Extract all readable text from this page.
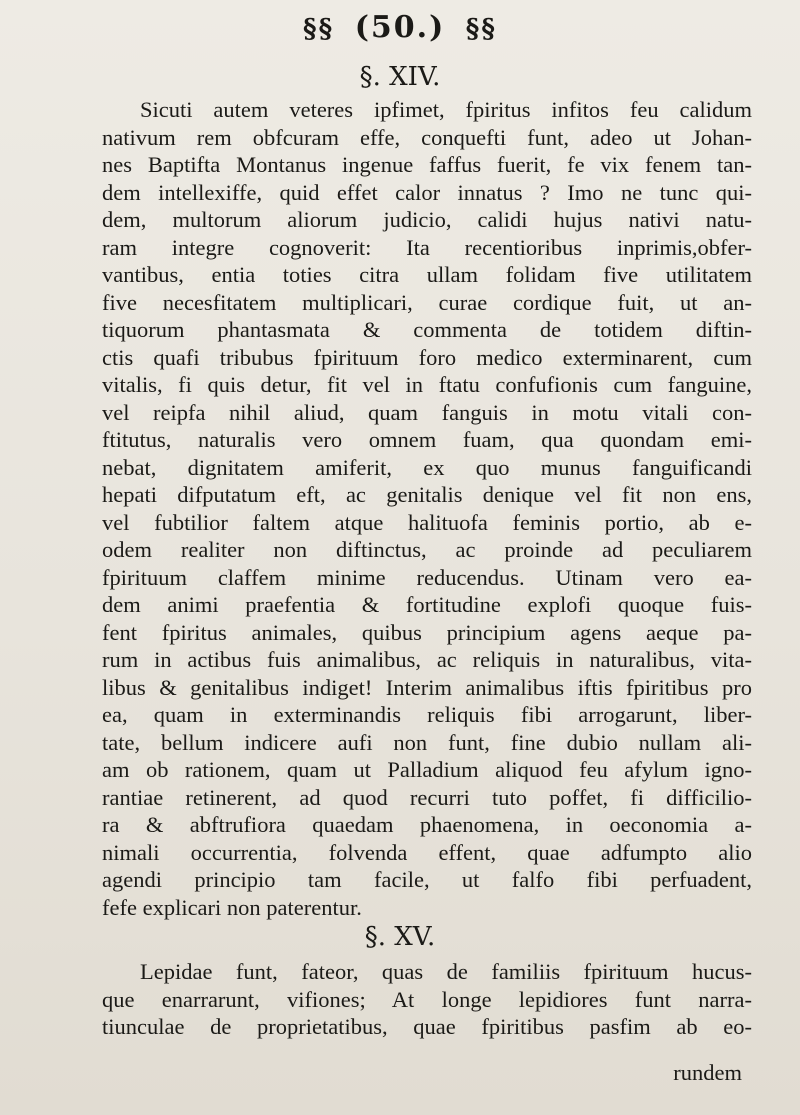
§§ (50.) §§
§. XIV.
Sicuti autem veteres ipfimet, fpiritus infitos feu calidum
nativum rem obfcuram effe, conquefti funt, adeo ut Johan-
nes Baptifta Montanus ingenue faffus fuerit, fe vix fenem tan-
dem intellexiffe, quid effet calor innatus ? Imo ne tunc qui-
dem, multorum aliorum judicio, calidi hujus nativi natu-
ram integre cognoverit: Ita recentioribus inprimis,obfer-
vantibus, entia toties citra ullam folidam five utilitatem
five necesfitatem multiplicari, curae cordique fuit, ut an-
tiquorum phantasmata & commenta de totidem diftin-
ctis quafi tribubus fpirituum foro medico exterminarent, cum
vitalis, fi quis detur, fit vel in ftatu confufionis cum fanguine,
vel reipfa nihil aliud, quam fanguis in motu vitali con-
ftitutus, naturalis vero omnem fuam, qua quondam emi-
nebat, dignitatem amiferit, ex quo munus fanguificandi
hepati difputatum eft, ac genitalis denique vel fit non ens,
vel fubtilior faltem atque halituofa feminis portio, ab e-
odem realiter non diftinctus, ac proinde ad peculiarem
fpirituum claffem minime reducendus. Utinam vero ea-
dem animi praefentia & fortitudine explofi quoque fuis-
fent fpiritus animales, quibus principium agens aeque pa-
rum in actibus fuis animalibus, ac reliquis in naturalibus, vita-
libus & genitalibus indiget! Interim animalibus iftis fpiritibus pro
ea, quam in exterminandis reliquis fibi arrogarunt, liber-
tate, bellum indicere aufi non funt, fine dubio nullam ali-
am ob rationem, quam ut Palladium aliquod feu afylum igno-
rantiae retinerent, ad quod recurri tuto poffet, fi difficilio-
ra & abftrufiora quaedam phaenomena, in oeconomia a-
nimali occurrentia, folvenda effent, quae adfumpto alio
agendi principio tam facile, ut falfo fibi perfuadent,
fefe explicari non paterentur.
§. XV.
Lepidae funt, fateor, quas de familiis fpirituum hucus-
que enarrarunt, vifiones; At longe lepidiores funt narra-
tiunculae de proprietatibus, quae fpiritibus pasfim ab eo-
rundem
